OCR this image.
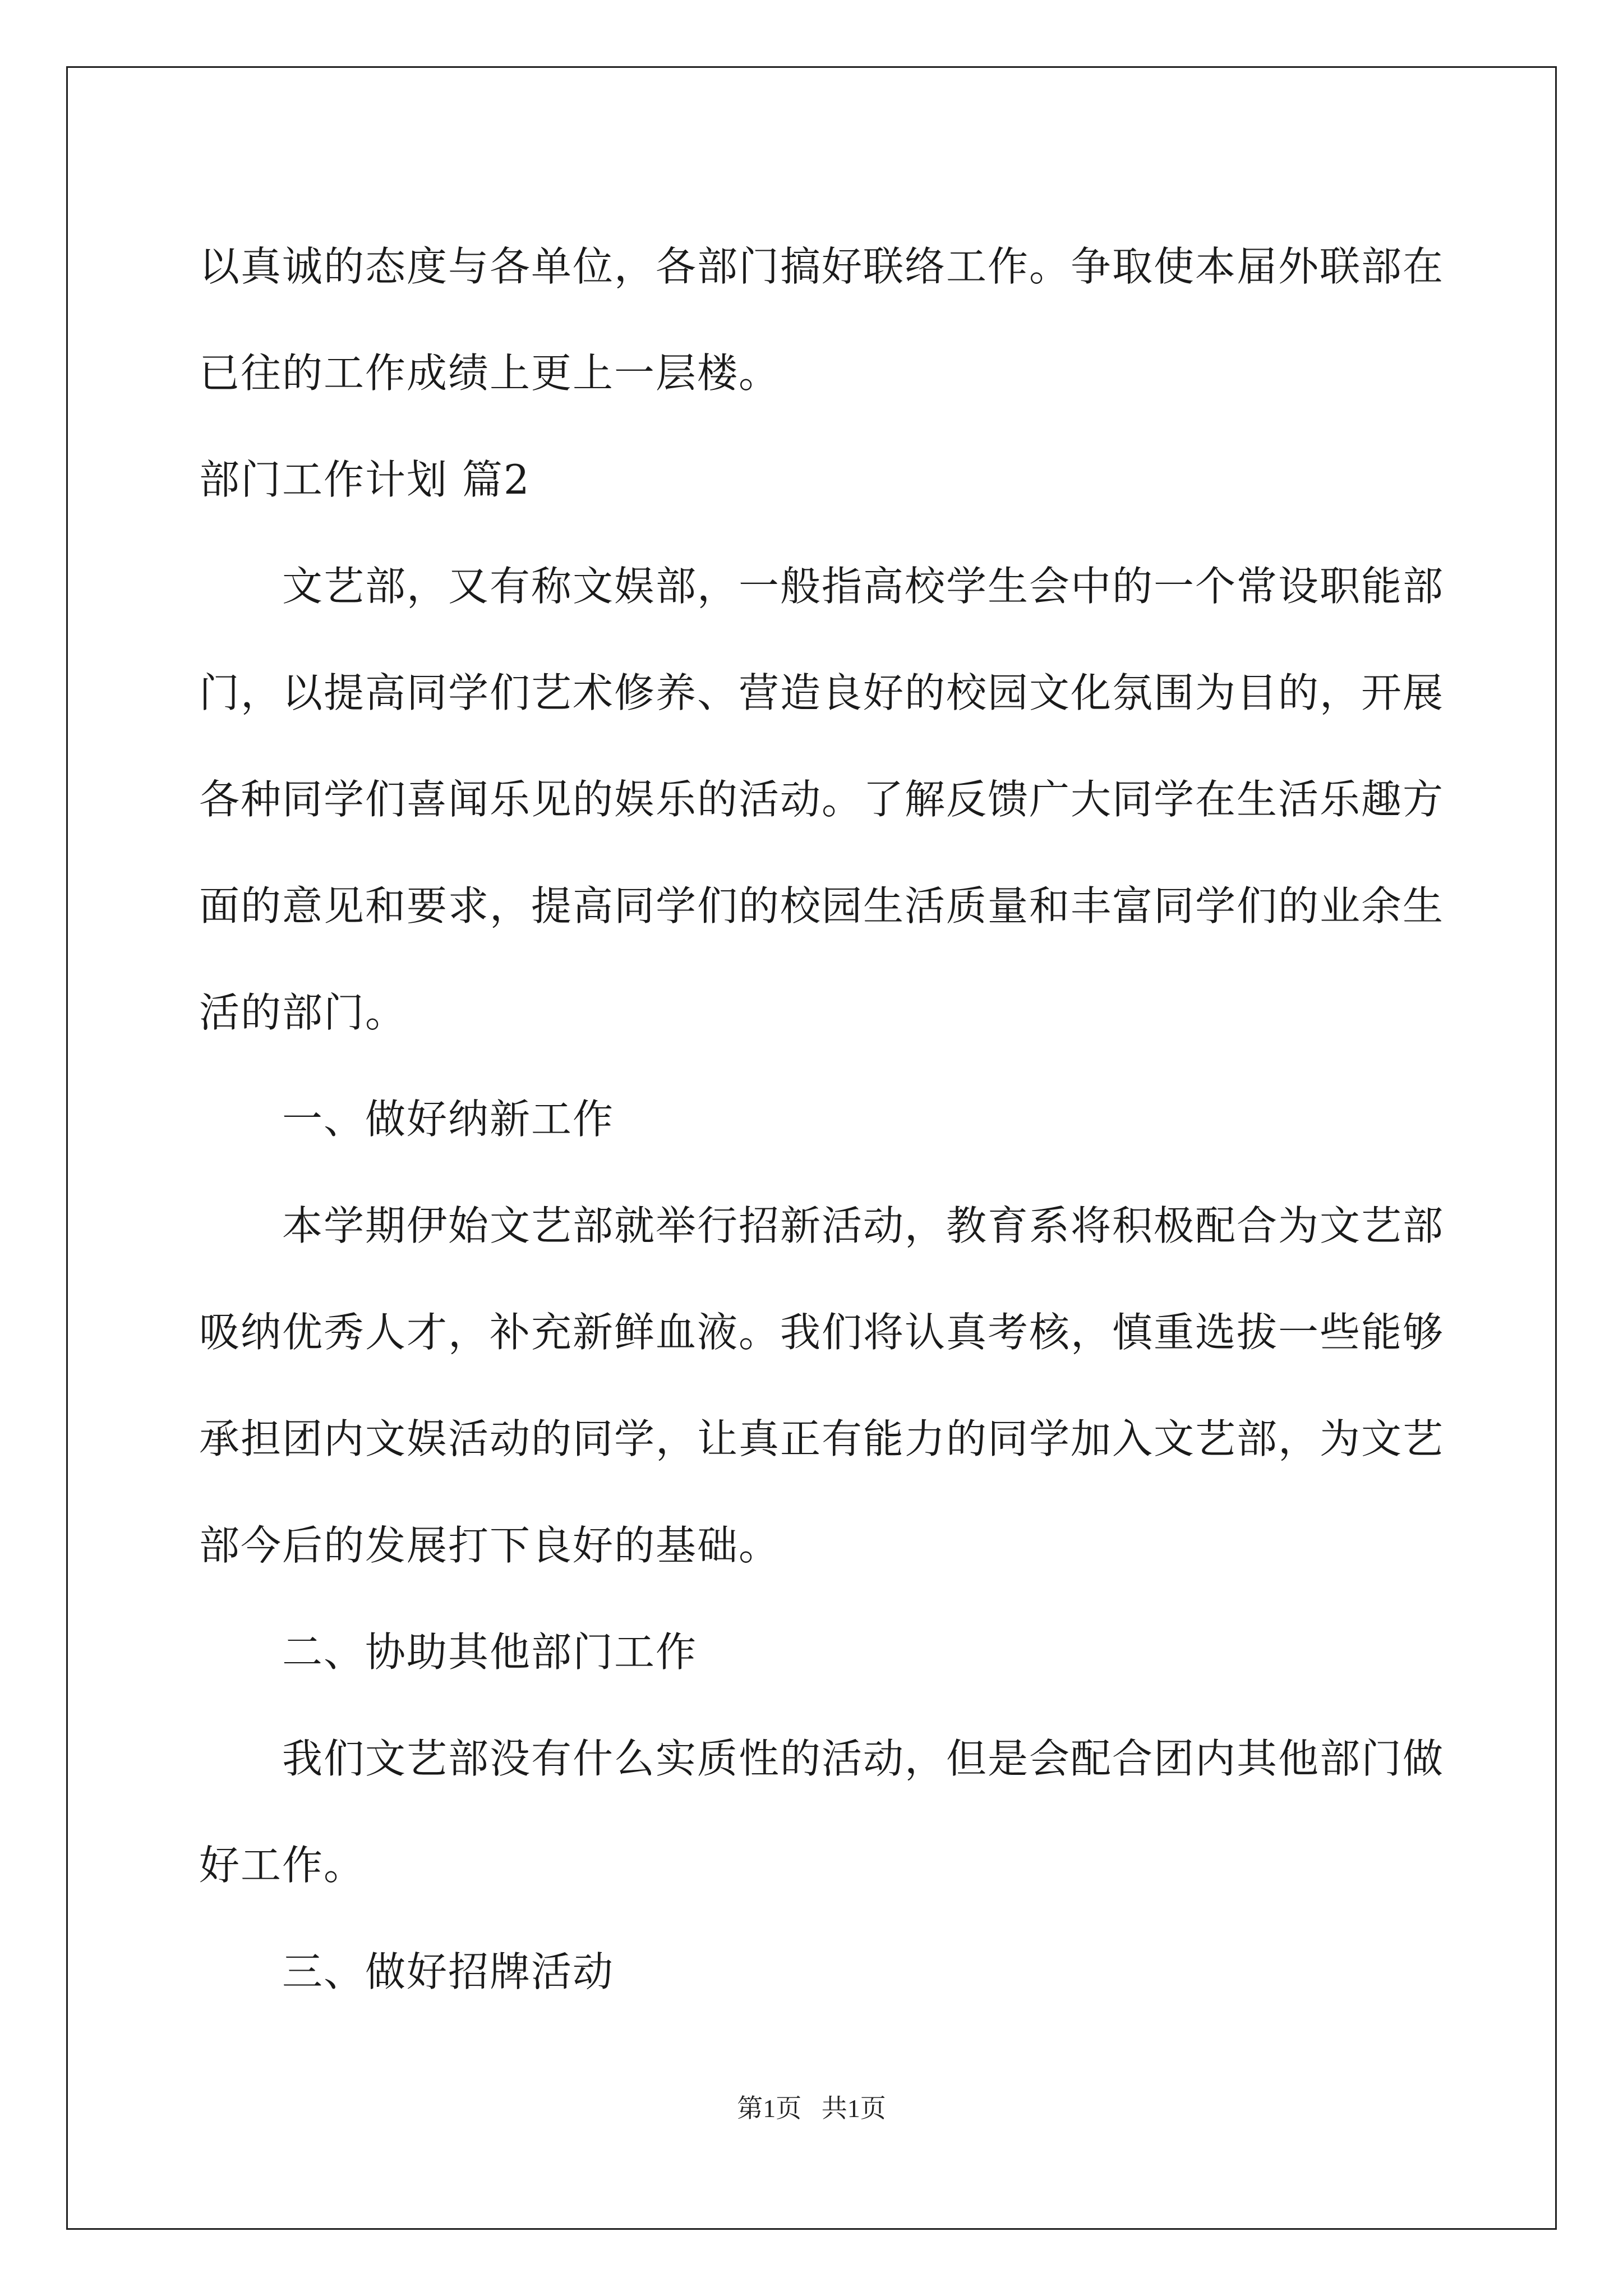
以真诚的态度与各单位，各部门搞好联络工作。争取使本届外联部在
已往的工作成绩上更上一层楼。
部门工作计划 篇2
文艺部，又有称文娱部，一般指高校学生会中的一个常设职能部
门，以提高同学们艺术修养、营造良好的校园文化氛围为目的，开展
各种同学们喜闻乐见的娱乐的活动。了解反馈广大同学在生活乐趣方
面的意见和要求，提高同学们的校园生活质量和丰富同学们的业余生
活的部门。
一、做好纳新工作
本学期伊始文艺部就举行招新活动，教育系将积极配合为文艺部
吸纳优秀人才，补充新鲜血液。我们将认真考核，慎重选拔一些能够
承担团内文娱活动的同学，让真正有能力的同学加入文艺部，为文艺
部今后的发展打下良好的基础。
二、协助其他部门工作
我们文艺部没有什么实质性的活动，但是会配合团内其他部门做
好工作。
三、做好招牌活动
第1页 共1页
